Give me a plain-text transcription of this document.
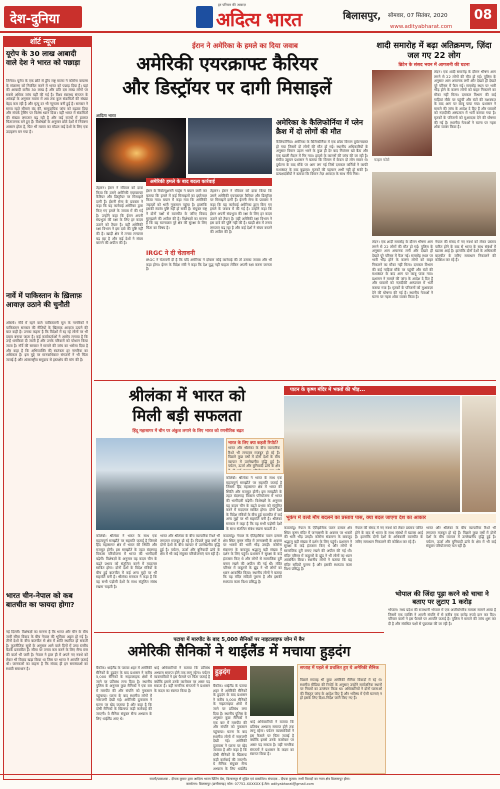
देश-दुनिया
हर परिवार की आवाज़
अदित्य भारत	बिलासपुर, सोमवार, 07 सितंबर, 2020 08
www.adityabharat.com
शॉर्ट न्यूज
यूरोप के 30 लाख आबादी वाले देश ने भारत को पछाड़ा
जिनेवा। यूरोप के एक छोटे से द्वीप राष्ट्र माल्टा ने कोरोना वायरस के संक्रमण को नियंत्रित करने में भारत को पछाड़ दिया है। यहां की आबादी करीब 30 लाख है और प्रति दस लाख लोगों पर सबसे अधिक जांच यहीं की गई है। विश्व स्वास्थ्य संगठन के आंकड़ों के अनुसार माल्टा में अब तक कुल संक्रमितों की संख्या बेहद कम रही है और मृत्यु दर भी न्यूनतम बनी हुई है। सरकार ने समय रहते सीमाएं बंद कीं, सामुदायिक जांच को बढ़ावा दिया और संपर्क ट्रेसिंग पर विशेष ध्यान दिया। वहीं भारत में संक्रमितों की संख्या लगातार बढ़ रही है और कई राज्यों में हालात चिंताजनक बने हुए हैं। विशेषज्ञों के अनुसार छोटे देशों में नियंत्रण आसान होता है, फिर भी माल्टा का मॉडल कई देशों के लिए एक उदाहरण बन गया है।
नार्वे में पाकिस्तान के ख़िलाफ़ आवाज़ उठाने की चुनौती
ओस्लो। नॉर्वे में रहने वाले पाकिस्तानी मूल के नागरिकों ने पाकिस्तान सरकार की नीतियों के खिलाफ़ आवाज़ उठाने की बात कही है। उनका कहना है कि विदेशों में रह रहे लोगों पर भी दबाव बनाया जाता है। कई कार्यकर्ताओं ने आरोप लगाया है कि उन्हें धमकियां दी जाती हैं और उनके परिवारों को परेशान किया जाता है। नॉर्वे की सरकार ने मामले की जांच का भरोसा दिया है और कहा है कि अभिव्यक्ति की स्वतंत्रता हर नागरिक का अधिकार है। इस मुद्दे पर मानवाधिकार संगठनों ने भी चिंता जताई है और अंतरराष्ट्रीय समुदाय से हस्तक्षेप की मांग की है।
भारत चीन-नेपाल को कब बातचीत का फायदा होगा?
नई दिल्ली। विशेषज्ञों का मानना है कि भारत और चीन के बीच जारी सीमा विवाद के बीच नेपाल की भूमिका अहम हो गई है। तीनों देशों के बीच बातचीत से क्षेत्र में शांति स्थापित हो सकती है। कूटनीतिक सूत्रों के अनुसार आने वाले दिनों में उच्च स्तरीय बैठकें प्रस्तावित हैं। सीमा पर तनाव कम करने के लिए सैन्य स्तर की वार्ता भी जारी है। नेपाल ने हाल ही में अपने नए नक्शे को लेकर भी विवाद खड़ा किया था जिस पर भारत ने आपत्ति जताई थी। जानकारों का कहना है कि संवाद ही इन समस्याओं का स्थायी समाधान है।
ईरान ने अमेरिका के हमले का दिया जवाब
अमेरिकी एयरक्राफ्ट कैरियर
और डिस्ट्रॉयर पर दागी मिसाइलें
आदित्य भारत
तेहरान। ईरान ने रविवार को दावा किया कि उसने अमेरिकी एयरक्राफ्ट कैरियर और डिस्ट्रॉयर पर मिसाइलें दागी हैं। ईरानी सेना के प्रवक्ता ने कहा कि यह कार्रवाई अमेरिका द्वारा किए गए हमले के जवाब में की गई है। उन्होंने कहा कि ईरान अपनी संप्रभुता की रक्षा के लिए हर कदम उठाने को तैयार है। वहीं अमेरिकी रक्षा विभाग ने इस दावे की पुष्टि नहीं की है। खाड़ी क्षेत्र में तनाव लगातार बढ़ रहा है और कई देशों ने संयम बरतने की अपील की है।
अमेरिकी हमले के बाद बदला कार्रवाई
ईरान के रिवोल्यूशनरी गार्ड्स ने बयान जारी कर बताया कि हमले में कई मिसाइलों का इस्तेमाल किया गया। बयान में कहा गया कि अमेरिकी जहाज़ों को भारी नुकसान पहुंचा है। हालांकि इसकी स्वतंत्र पुष्टि नहीं हो सकी है। संयुक्त राष्ट्र ने दोनों पक्षों से बातचीत के जरिए विवाद सुलझाने की अपील की है। विशेषज्ञों का मानना है कि यह घटनाक्रम पूरे क्षेत्र की सुरक्षा के लिए चिंता का विषय है।
तेहरान। ईरान ने रविवार को दावा किया कि उसने अमेरिकी एयरक्राफ्ट कैरियर और डिस्ट्रॉयर पर मिसाइलें दागी हैं। ईरानी सेना के प्रवक्ता ने कहा कि यह कार्रवाई अमेरिका द्वारा किए गए हमले के जवाब में की गई है। उन्होंने कहा कि ईरान अपनी संप्रभुता की रक्षा के लिए हर कदम उठाने को तैयार है। वहीं अमेरिकी रक्षा विभाग ने इस दावे की पुष्टि नहीं की है। खाड़ी क्षेत्र में तनाव लगातार बढ़ रहा है और कई देशों ने संयम बरतने की अपील की है।
IRGC ने दी चेतावनी
IRGC ने चेतावनी दी है कि यदि अमेरिका ने दोबारा कोई कार्रवाई की तो उसका जवाब और भी कड़ा होगा। ईरान के विदेश मंत्री ने कहा कि देश युद्ध नहीं चाहता लेकिन अपनी रक्षा करना जानता है।
अमेरिका के कैलिफोर्निया में प्लेन क्रैश में दो लोगों की मौत
कैलिफोर्निया। अमेरिका के कैलिफोर्निया में एक छोटा विमान दुर्घटनाग्रस्त हो गया जिसमें दो लोगों की मौत हो गई। स्थानीय अधिकारियों के अनुसार विमान उड़ान भरने के कुछ ही देर बाद नियंत्रण खो बैठा और एक खाली मैदान में गिर गया। हादसे के कारणों की जांच की जा रही है। संघीय उड्डयन प्रशासन ने बताया कि विमान में केवल दो लोग सवार थे। दुर्घटना के बाद मौके पर आग लग गई जिसे दमकल कर्मियों ने काफी मशक्कत के बाद बुझाया। मृतकों की पहचान अभी नहीं हो सकी है। प्रत्यक्षदर्शियों ने बताया कि विमान तेज़ आवाज़ के साथ नीचे गिरा।
शादी समारोह में बढ़ा अतिक्रमण, ज़िंदा जल गए 22 लोग
ब्रिटेन के संसद भवन में आगजनी की घटना
फाइल फोटो
लंदन। एक शादी समारोह के दौरान भीषण आग लगने से 22 लोगों की मौत हो गई। पुलिस के अनुसार आग अचानक लगी और देखते ही देखते पूरे परिसर में फैल गई। समारोह स्थल पर भारी भीड़ होने के कारण लोगों को बाहर निकलने का मौका नहीं मिला। दमकल विभाग की कई गाड़ियां मौके पर पहुंचीं और घंटों की मशक्कत के बाद आग पर काबू पाया गया। प्रशासन ने मामले की जांच के आदेश दे दिए हैं और घायलों को नज़दीकी अस्पताल में भर्ती कराया गया है। मृतकों के परिजनों को मुआवज़ा देने की घोषणा की गई है। स्थानीय नेताओं ने घटना पर गहरा शोक व्यक्त किया है।
लंदन। एक शादी समारोह के दौरान भीषण आग लगने से 22 लोगों की मौत हो गई। पुलिस के अनुसार आग अचानक लगी और देखते ही देखते पूरे परिसर में फैल गई। समारोह स्थल पर भारी भीड़ होने के कारण लोगों को बाहर निकलने का मौका नहीं मिला। दमकल विभाग की कई गाड़ियां मौके पर पहुंचीं और घंटों की मशक्कत के बाद आग पर काबू पाया गया। प्रशासन ने मामले की जांच के आदेश दे दिए हैं और घायलों को नज़दीकी अस्पताल में भर्ती कराया गया है। मृतकों के परिजनों को मुआवज़ा देने की घोषणा की गई है। स्थानीय नेताओं ने घटना पर गहरा शोक व्यक्त किया है।
नेपाल की संसद में नए नक्शे को लेकर प्रस्ताव पारित होने के बाद से भारत के साथ संबंधों में खटास आई है। हालांकि दोनों देशों के अधिकारी बातचीत के जरिए समाधान निकालने की कोशिश कर रहे हैं।
श्रीलंका में भारत को
मिली बड़ी सफलता
हिंदू महासागर में चीन पर अंकुश लगाने के लिए भारत को रणनीतिक बढ़त
भारत के लिए क्या कहती रिपोर्ट?
भारत और श्रीलंका के बीच व्यापारिक रिश्ते भी लगातार मजबूत हो रहे हैं। पिछले कुछ वर्षों में दोनों देशों के बीच व्यापार में उल्लेखनीय वृद्धि हुई है। पर्यटन, ऊर्जा और बुनियादी ढांचे के क्षेत्र
कोलंबो। श्रीलंका ने भारत के साथ एक महत्वपूर्ण समझौते पर सहमति जताई है जिससे हिंद महासागर क्षेत्र में भारत की स्थिति और मजबूत होगी। इस समझौते के तहत बंदरगाह विकास परियोजना में भारत की भागीदारी बढ़ेगी। विशेषज्ञों के अनुसार यह कदम चीन के बढ़ते प्रभाव को संतुलित करने में मददगार साबित होगा। दोनों देशों के विदेश मंत्रियों के बीच हुई बातचीत में कई अन्य मुद्दों पर भी सहमति बनी है। श्रीलंका सरकार ने कहा है कि वह सभी पड़ोसी देशों के साथ संतुलित संबंध रखना चाहती है।
कोलंबो। श्रीलंका ने भारत के साथ एक महत्वपूर्ण समझौते पर सहमति जताई है जिससे हिंद महासागर क्षेत्र में भारत की स्थिति और मजबूत होगी। इस समझौते के तहत बंदरगाह विकास परियोजना में भारत की भागीदारी बढ़ेगी। विशेषज्ञों के अनुसार यह कदम चीन के बढ़ते प्रभाव को संतुलित करने में मददगार साबित होगा। दोनों देशों के विदेश मंत्रियों के बीच हुई बातचीत में कई अन्य मुद्दों पर भी सहमति बनी है। श्रीलंका सरकार ने कहा है कि वह सभी पड़ोसी देशों के साथ संतुलित संबंध रखना चाहती है।
भारत और श्रीलंका के बीच व्यापारिक रिश्ते भी लगातार मजबूत हो रहे हैं। पिछले कुछ वर्षों में दोनों देशों के बीच व्यापार में उल्लेखनीय वृद्धि हुई है। पर्यटन, ऊर्जा और बुनियादी ढांचे के क्षेत्र में भी कई संयुक्त परियोजनाएं चल रही हैं।
काठमांडू। नेपाल के ऐतिहासिक पाटन दरबार क्षेत्र स्थित कृष्ण मंदिर में जन्माष्टमी के अवसर पर भक्तों की भारी भीड़ उमड़ी। कोरोना संक्रमण के बावजूद श्रद्धालु बड़ी संख्या में दर्शन के लिए पहुंचे। प्रशासन ने सुरक्षा के कड़े इंतजाम किए थे और लोगों से सामाजिक दूरी बनाए रखने की अपील की गई थी। मंदिर परिसर में कबूतरों के झुंड ने भी लोगों का ध्यान आकर्षित किया। स्थानीय लोगों ने बताया कि यह मंदिर सदियों पुराना है और इसकी स्थापत्य कला विश्व प्रसिद्ध है।
पाटन के कृष्ण मंदिर में भक्तों की भीड़...
भूकंप में वर्ल्ड मौप बदलने का प्रस्ताव पास, क्या बदल जाएगा देश का आकार
काठमांडू। नेपाल के ऐतिहासिक पाटन दरबार क्षेत्र स्थित कृष्ण मंदिर में जन्माष्टमी के अवसर पर भक्तों की भारी भीड़ उमड़ी। कोरोना संक्रमण के बावजूद श्रद्धालु बड़ी संख्या में दर्शन के लिए पहुंचे। प्रशासन ने सुरक्षा के कड़े इंतजाम किए थे और लोगों से सामाजिक दूरी बनाए रखने की अपील की गई थी। मंदिर परिसर में कबूतरों के झुंड ने भी लोगों का ध्यान आकर्षित किया। स्थानीय लोगों ने बताया कि यह मंदिर सदियों पुराना है और इसकी स्थापत्य कला विश्व प्रसिद्ध है।
नेपाल की संसद में नए नक्शे को लेकर प्रस्ताव पारित होने के बाद से भारत के साथ संबंधों में खटास आई है। हालांकि दोनों देशों के अधिकारी बातचीत के जरिए समाधान निकालने की कोशिश कर रहे हैं।
भारत और श्रीलंका के बीच व्यापारिक रिश्ते भी लगातार मजबूत हो रहे हैं। पिछले कुछ वर्षों में दोनों देशों के बीच व्यापार में उल्लेखनीय वृद्धि हुई है। पर्यटन, ऊर्जा और बुनियादी ढांचे के क्षेत्र में भी कई संयुक्त परियोजनाएं चल रही हैं।
भोपाल की जिंदा पूड़ा करने को चाचा ने बताए पर लुटाए 1 करोड़
भोपाल। मध्य प्रदेश की राजधानी भोपाल में एक अजीबोगरीब मामला सामने आया है जिसमें एक व्यक्ति ने अपनी संपत्ति में से करीब एक करोड़ रुपये दान कर दिए। परिवार वालों ने इस फैसले पर आपत्ति जताई है। पुलिस ने मामले की जांच शुरू कर दी है और संबंधित पक्षों से पूछताछ की जा रही है।
पटाया में मारपीट के बाद 5,000 सैनिकों पर नाइटलाइफ जोन में बैन
अमेरिकी सैनिकों ने थाईलैंड में मचाया हुड़दंग
बैंकॉक। थाईलैंड के पटाया शहर में अमेरिकी सैनिकों के हुड़दंग के बाद प्रशासन ने करीब 5,000 सैनिकों के नाइटलाइफ क्षेत्रों में जाने पर प्रतिबंध लगा दिया है। स्थानीय पुलिस के अनुसार कुछ सैनिकों ने एक बार में मारपीट की और संपत्ति को नुकसान पहुंचाया। घटना के बाद स्थानीय लोगों में नाराजगी देखी गई। अमेरिकी दूतावास ने घटना पर खेद जताया है और कहा है कि दोषी सैनिकों के खिलाफ कड़ी कार्रवाई की जाएगी। ये सैनिक संयुक्त सैन्य अभ्यास के लिए थाईलैंड आए थे।
थाई अधिकारियों ने बताया कि प्रतिबंध अभ्यास समाप्त होने तक लागू रहेगा। पर्यटन व्यवसायियों ने इस फैसले पर चिंता जताई है क्योंकि इससे उनके कारोबार पर असर पड़ सकता है। वहीं नागरिक संगठनों ने प्रशासन के कदम का स्वागत किया है।
हुड़दंग
बैंकॉक। थाईलैंड के पटाया शहर में अमेरिकी सैनिकों के हुड़दंग के बाद प्रशासन ने करीब 5,000 सैनिकों के नाइटलाइफ क्षेत्रों में जाने पर प्रतिबंध लगा दिया है। स्थानीय पुलिस के अनुसार कुछ सैनिकों ने एक बार में मारपीट की और संपत्ति को नुकसान पहुंचाया। घटना के बाद स्थानीय लोगों में नाराजगी देखी गई। अमेरिकी दूतावास ने घटना पर खेद जताया है और कहा है कि दोषी सैनिकों के खिलाफ कड़ी कार्रवाई की जाएगी। ये सैनिक संयुक्त सैन्य अभ्यास के लिए थाईलैंड
थाई अधिकारियों ने बताया कि प्रतिबंध अभ्यास समाप्त होने तक लागू रहेगा। पर्यटन व्यवसायियों ने इस फैसले पर चिंता जताई है क्योंकि इससे उनके कारोबार पर असर पड़ सकता है। वहीं नागरिक संगठनों ने प्रशासन के कदम का स्वागत किया है।
सप्ताह में पहले से प्रचलित हुए थे अमेरिकी सैनिक
पिछले सप्ताह भी कुछ अमेरिकी सैनिक विवादों में रहे थे। स्थानीय मीडिया की रिपोर्ट के अनुसार उन्होंने सार्वजनिक स्थानों पर नियमों का उल्लंघन किया था। अधिकारियों ने दोनों घटनाओं की विस्तृत जांच के आदेश दिए हैं और भविष्य में ऐसी घटनाएं न हों इसके लिए दिशा-निर्देश जारी किए गए हैं।
स्वामी/प्रकाशक - दीपक कुमार द्वारा आदित्य भारत प्रिंटिंग प्रेस, बिलासपुर से मुद्रित एवं प्रकाशित। संपादक - दीपक कुमार। सभी विवादों का न्याय क्षेत्र बिलासपुर होगा।
कार्यालय: बिलासपुर (छत्तीसगढ़) फोन: 07752-XXXXXX ई-मेल: adityabharat@gmail.com
